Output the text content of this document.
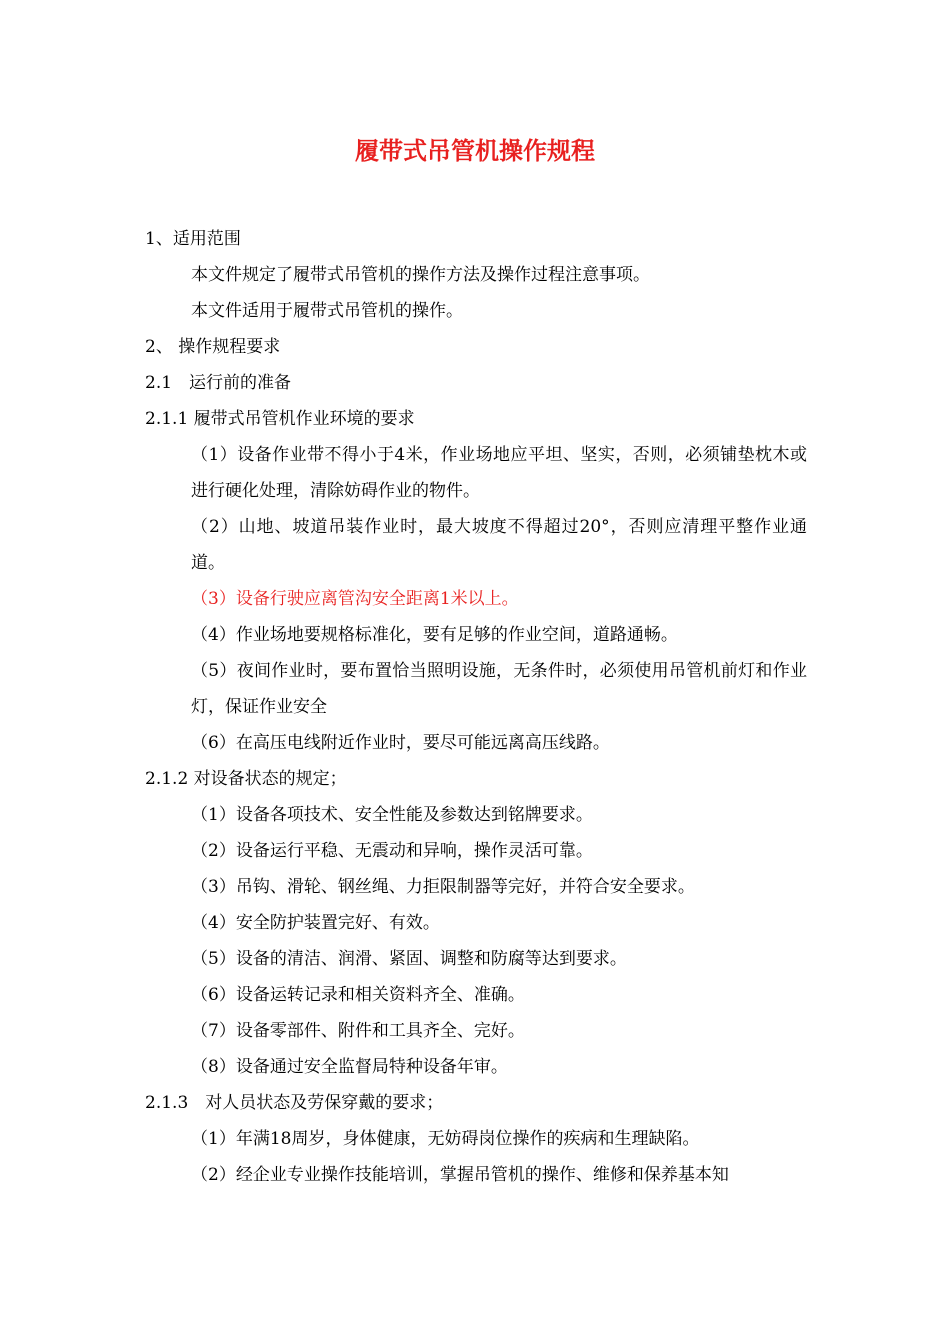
履带式吊管机操作规程

1、适用范围

本文件规定了履带式吊管机的操作方法及操作过程注意事项。

本文件适用于履带式吊管机的操作。

2、 操作规程要求

2.1　运行前的准备

2.1.1 履带式吊管机作业环境的要求

（1）设备作业带不得小于4米，作业场地应平坦、坚实，否则，必须铺垫枕木或进行硬化处理，清除妨碍作业的物件。

（2）山地、坡道吊装作业时，最大坡度不得超过20°，否则应清理平整作业通道。

（3）设备行驶应离管沟安全距离1米以上。

（4）作业场地要规格标准化，要有足够的作业空间，道路通畅。

（5）夜间作业时，要布置恰当照明设施，无条件时，必须使用吊管机前灯和作业灯，保证作业安全

（6）在高压电线附近作业时，要尽可能远离高压线路。

2.1.2 对设备状态的规定；

（1）设备各项技术、安全性能及参数达到铭牌要求。

（2）设备运行平稳、无震动和异响，操作灵活可靠。

（3）吊钩、滑轮、钢丝绳、力拒限制器等完好，并符合安全要求。

（4）安全防护装置完好、有效。

（5）设备的清洁、润滑、紧固、调整和防腐等达到要求。

（6）设备运转记录和相关资料齐全、准确。

（7）设备零部件、附件和工具齐全、完好。

（8）设备通过安全监督局特种设备年审。

2.1.3　对人员状态及劳保穿戴的要求；

（1）年满18周岁，身体健康，无妨碍岗位操作的疾病和生理缺陷。

（2）经企业专业操作技能培训，掌握吊管机的操作、维修和保养基本知
